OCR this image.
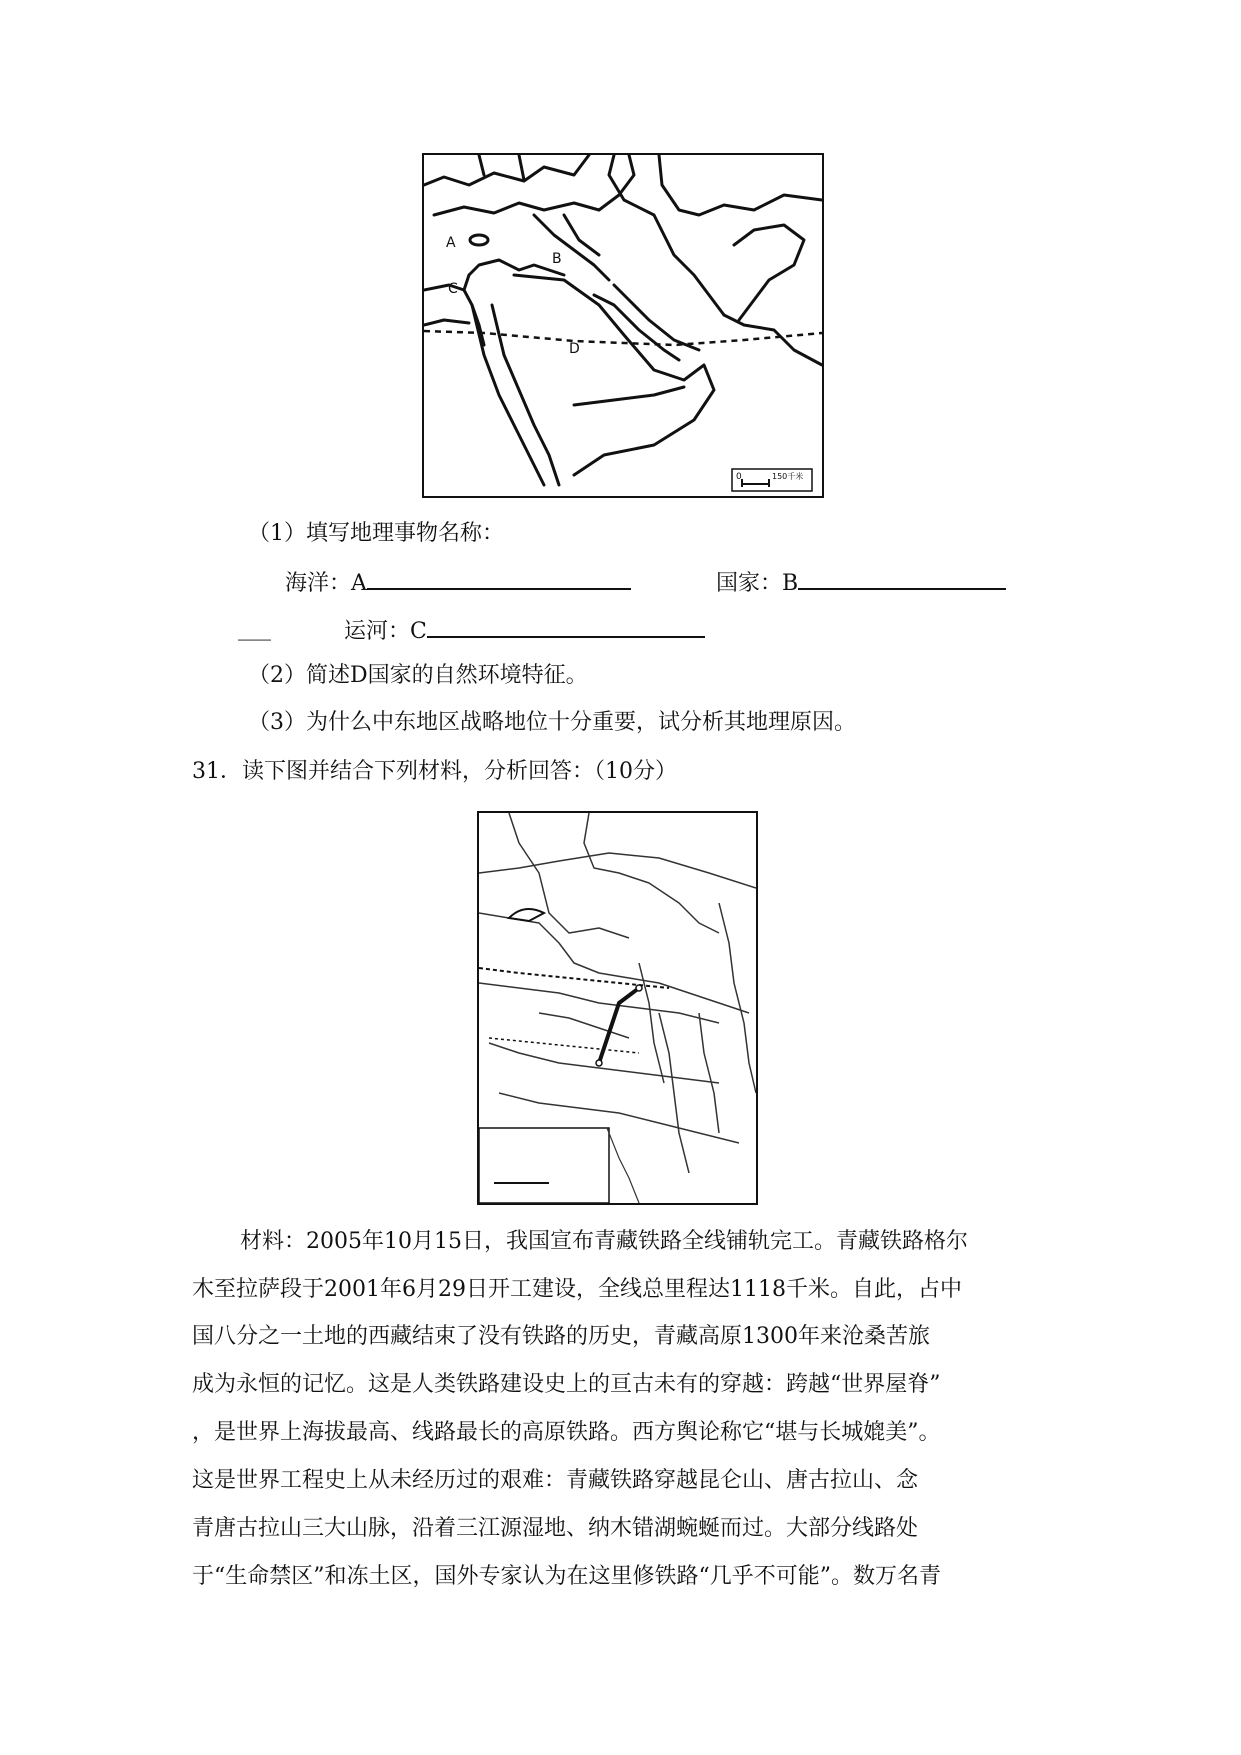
A
B
C
D
0	150千米
（1）填写地理事物名称：
海洋：A	国家：B
___	运河：C
（2）简述D国家的自然环境特征。
（3）为什么中东地区战略地位十分重要，试分析其地理原因。
31．读下图并结合下列材料，分析回答：（10分）
材料：2005年10月15日，我国宣布青藏铁路全线铺轨完工。青藏铁路格尔
木至拉萨段于2001年6月29日开工建设，全线总里程达1118千米。自此，占中
国八分之一土地的西藏结束了没有铁路的历史，青藏高原1300年来沧桑苦旅
成为永恒的记忆。这是人类铁路建设史上的亘古未有的穿越：跨越“世界屋脊”
，是世界上海拔最高、线路最长的高原铁路。西方舆论称它“堪与长城媲美”。
这是世界工程史上从未经历过的艰难：青藏铁路穿越昆仑山、唐古拉山、念
青唐古拉山三大山脉，沿着三江源湿地、纳木错湖蜿蜒而过。大部分线路处
于“生命禁区”和冻土区，国外专家认为在这里修铁路“几乎不可能”。数万名青
